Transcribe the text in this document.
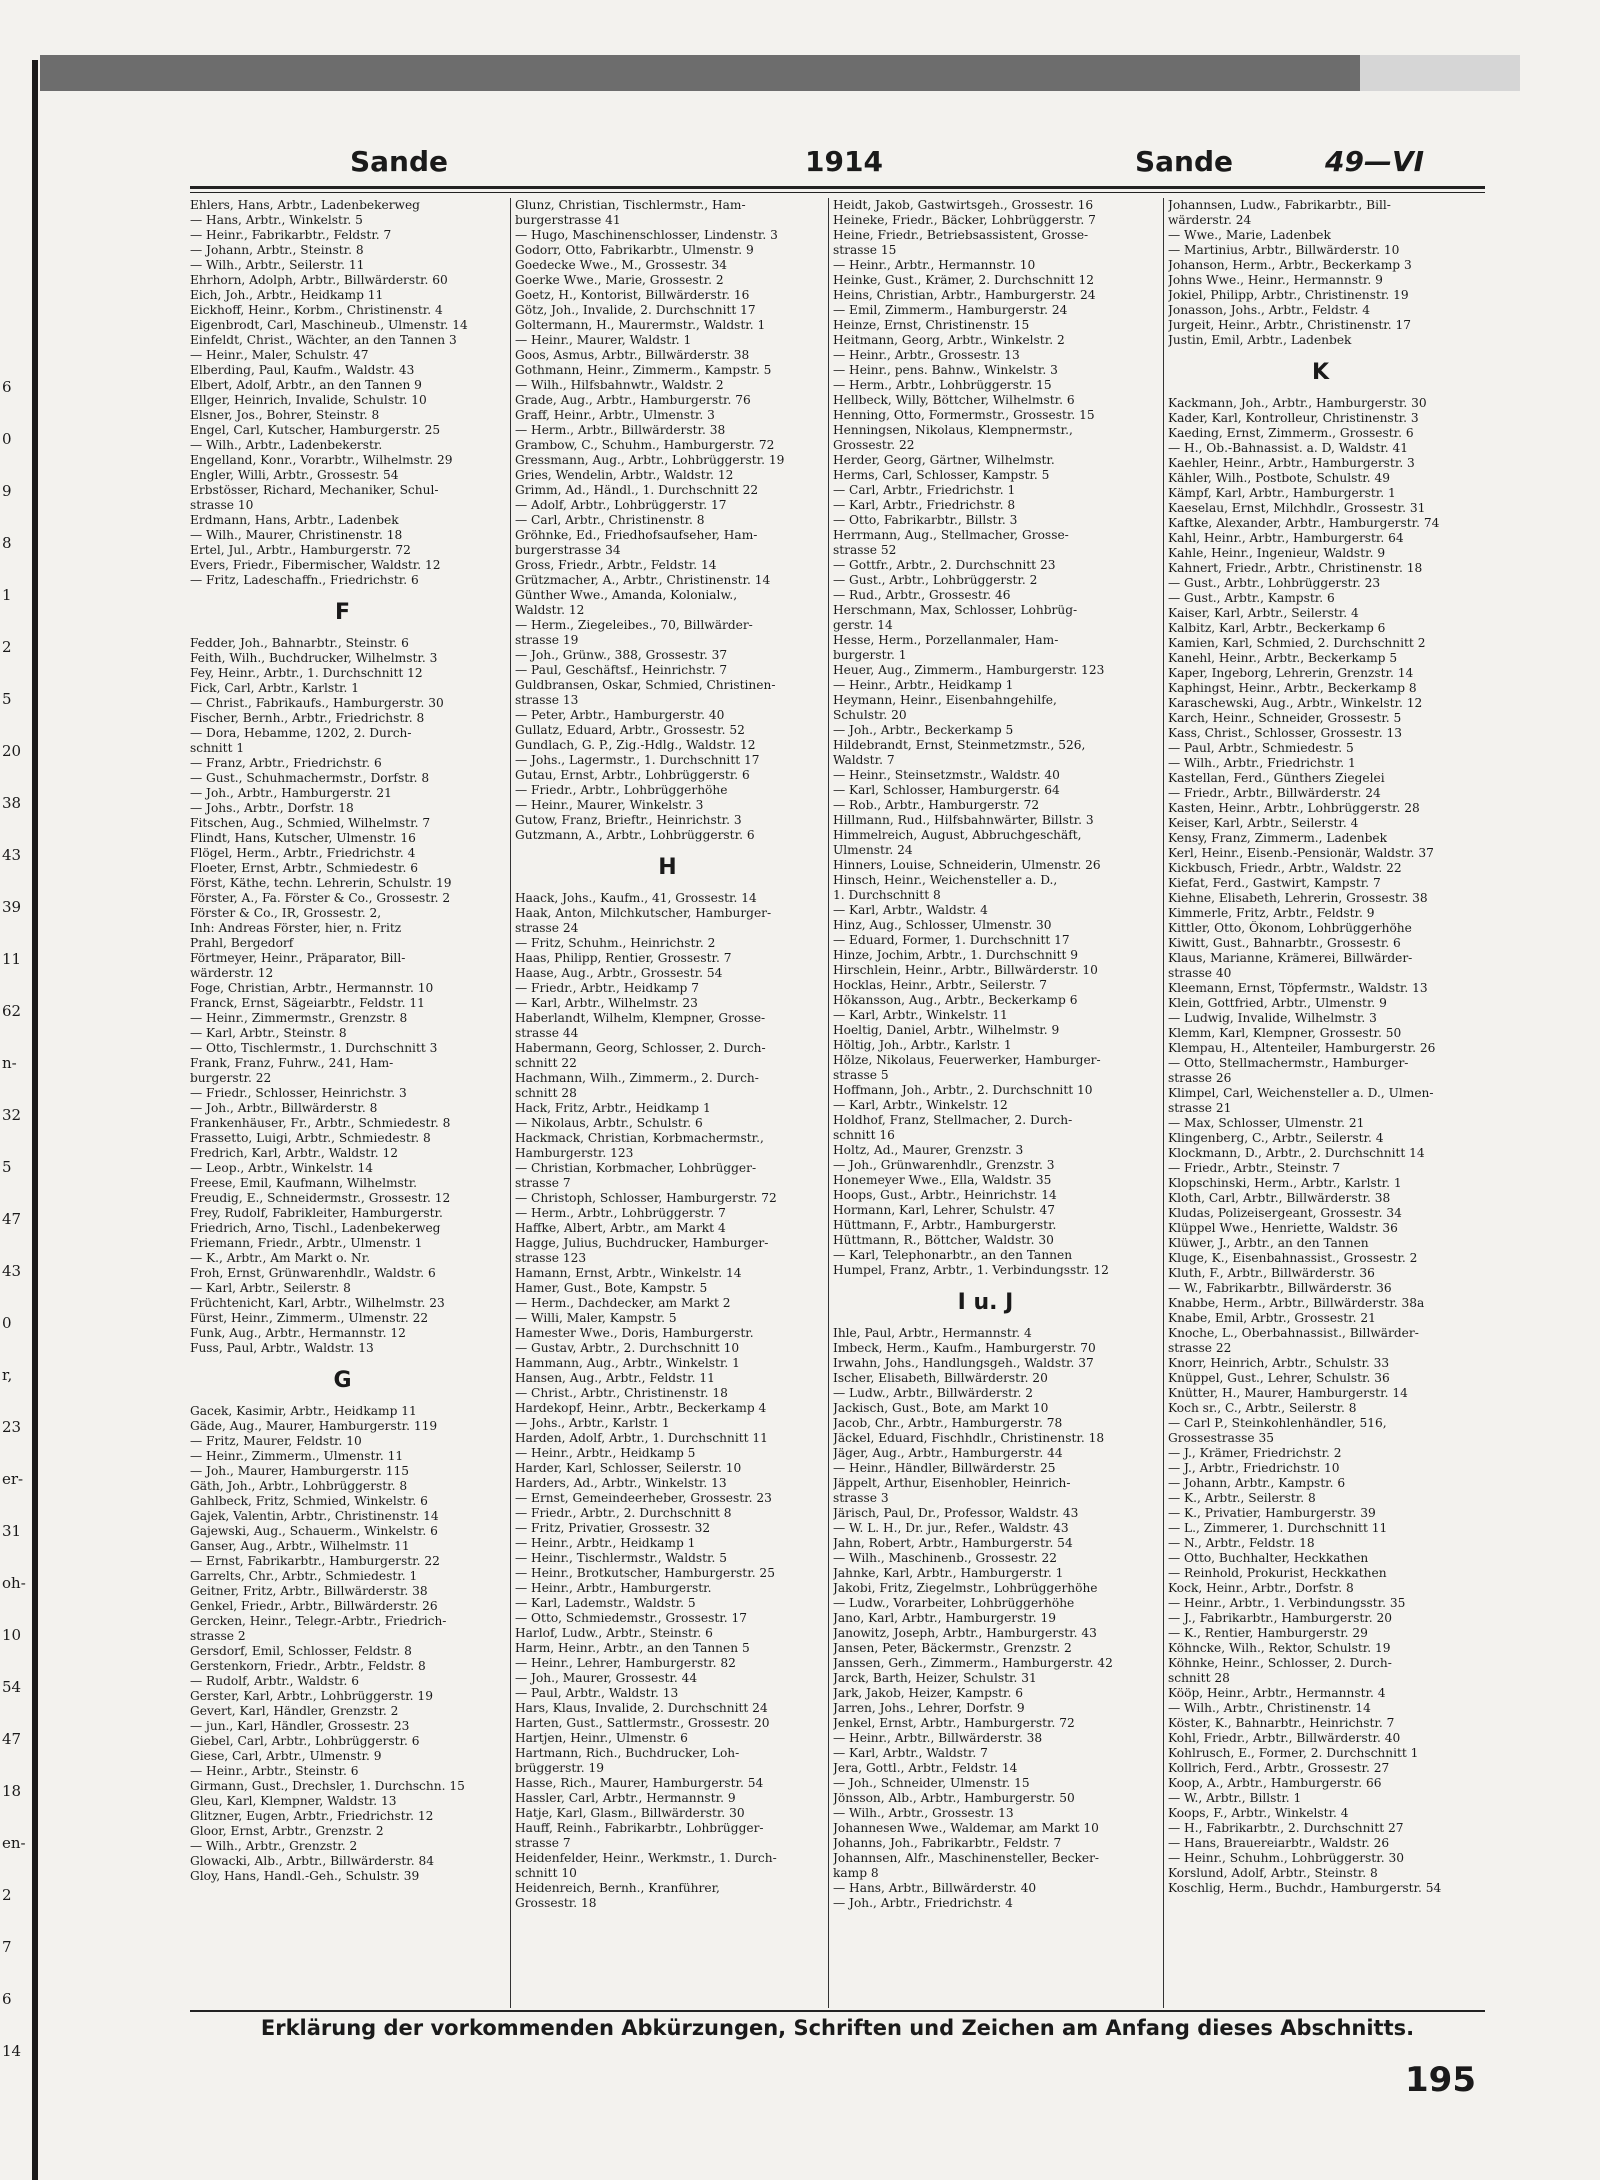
6
0
9
8
1
2
5
20
38
43
39
11
62
n-
32
5
47
43
0
r,
23
er-
31
oh-
10
54
47
18
en-
2
7
6
14
Sande	1914	Sande	49—VI
Ehlers, Hans, Arbtr., Ladenbekerweg
— Hans, Arbtr., Winkelstr. 5
— Heinr., Fabrikarbtr., Feldstr. 7
— Johann, Arbtr., Steinstr. 8
— Wilh., Arbtr., Seilerstr. 11
Ehrhorn, Adolph, Arbtr., Billwärderstr. 60
Eich, Joh., Arbtr., Heidkamp 11
Eickhoff, Heinr., Korbm., Christinenstr. 4
Eigenbrodt, Carl, Maschineub., Ulmenstr. 14
Einfeldt, Christ., Wächter, an den Tannen 3
— Heinr., Maler, Schulstr. 47
Elberding, Paul, Kaufm., Waldstr. 43
Elbert, Adolf, Arbtr., an den Tannen 9
Ellger, Heinrich, Invalide, Schulstr. 10
Elsner, Jos., Bohrer, Steinstr. 8
Engel, Carl, Kutscher, Hamburgerstr. 25
— Wilh., Arbtr., Ladenbekerstr.
Engelland, Konr., Vorarbtr., Wilhelmstr. 29
Engler, Willi, Arbtr., Grossestr. 54
Erbstösser, Richard, Mechaniker, Schul-
strasse 10
Erdmann, Hans, Arbtr., Ladenbek
— Wilh., Maurer, Christinenstr. 18
Ertel, Jul., Arbtr., Hamburgerstr. 72
Evers, Friedr., Fibermischer, Waldstr. 12
— Fritz, Ladeschaffn., Friedrichstr. 6
F
Fedder, Joh., Bahnarbtr., Steinstr. 6
Feith, Wilh., Buchdrucker, Wilhelmstr. 3
Fey, Heinr., Arbtr., 1. Durchschnitt 12
Fick, Carl, Arbtr., Karlstr. 1
— Christ., Fabrikaufs., Hamburgerstr. 30
Fischer, Bernh., Arbtr., Friedrichstr. 8
— Dora, Hebamme, 1202, 2. Durch-
schnitt 1
— Franz, Arbtr., Friedrichstr. 6
— Gust., Schuhmachermstr., Dorfstr. 8
— Joh., Arbtr., Hamburgerstr. 21
— Johs., Arbtr., Dorfstr. 18
Fitschen, Aug., Schmied, Wilhelmstr. 7
Flindt, Hans, Kutscher, Ulmenstr. 16
Flögel, Herm., Arbtr., Friedrichstr. 4
Floeter, Ernst, Arbtr., Schmiedestr. 6
Först, Käthe, techn. Lehrerin, Schulstr. 19
Förster, A., Fa. Förster & Co., Grossestr. 2
Förster & Co., IR, Grossestr. 2,
Inh: Andreas Förster, hier, n. Fritz
Prahl, Bergedorf
Förtmeyer, Heinr., Präparator, Bill-
wärderstr. 12
Foge, Christian, Arbtr., Hermannstr. 10
Franck, Ernst, Sägeiarbtr., Feldstr. 11
— Heinr., Zimmermstr., Grenzstr. 8
— Karl, Arbtr., Steinstr. 8
— Otto, Tischlermstr., 1. Durchschnitt 3
Frank, Franz, Fuhrw., 241, Ham-
burgerstr. 22
— Friedr., Schlosser, Heinrichstr. 3
— Joh., Arbtr., Billwärderstr. 8
Frankenhäuser, Fr., Arbtr., Schmiedestr. 8
Frassetto, Luigi, Arbtr., Schmiedestr. 8
Fredrich, Karl, Arbtr., Waldstr. 12
— Leop., Arbtr., Winkelstr. 14
Freese, Emil, Kaufmann, Wilhelmstr.
Freudig, E., Schneidermstr., Grossestr. 12
Frey, Rudolf, Fabrikleiter, Hamburgerstr.
Friedrich, Arno, Tischl., Ladenbekerweg
Friemann, Friedr., Arbtr., Ulmenstr. 1
— K., Arbtr., Am Markt o. Nr.
Froh, Ernst, Grünwarenhdlr., Waldstr. 6
— Karl, Arbtr., Seilerstr. 8
Früchtenicht, Karl, Arbtr., Wilhelmstr. 23
Fürst, Heinr., Zimmerm., Ulmenstr. 22
Funk, Aug., Arbtr., Hermannstr. 12
Fuss, Paul, Arbtr., Waldstr. 13
G
Gacek, Kasimir, Arbtr., Heidkamp 11
Gäde, Aug., Maurer, Hamburgerstr. 119
— Fritz, Maurer, Feldstr. 10
— Heinr., Zimmerm., Ulmenstr. 11
— Joh., Maurer, Hamburgerstr. 115
Gäth, Joh., Arbtr., Lohbrüggerstr. 8
Gahlbeck, Fritz, Schmied, Winkelstr. 6
Gajek, Valentin, Arbtr., Christinenstr. 14
Gajewski, Aug., Schauerm., Winkelstr. 6
Ganser, Aug., Arbtr., Wilhelmstr. 11
— Ernst, Fabrikarbtr., Hamburgerstr. 22
Garrelts, Chr., Arbtr., Schmiedestr. 1
Geitner, Fritz, Arbtr., Billwärderstr. 38
Genkel, Friedr., Arbtr., Billwärderstr. 26
Gercken, Heinr., Telegr.-Arbtr., Friedrich-
strasse 2
Gersdorf, Emil, Schlosser, Feldstr. 8
Gerstenkorn, Friedr., Arbtr., Feldstr. 8
— Rudolf, Arbtr., Waldstr. 6
Gerster, Karl, Arbtr., Lohbrüggerstr. 19
Gevert, Karl, Händler, Grenzstr. 2
— jun., Karl, Händler, Grossestr. 23
Giebel, Carl, Arbtr., Lohbrüggerstr. 6
Giese, Carl, Arbtr., Ulmenstr. 9
— Heinr., Arbtr., Steinstr. 6
Girmann, Gust., Drechsler, 1. Durchschn. 15
Gleu, Karl, Klempner, Waldstr. 13
Glitzner, Eugen, Arbtr., Friedrichstr. 12
Gloor, Ernst, Arbtr., Grenzstr. 2
— Wilh., Arbtr., Grenzstr. 2
Glowacki, Alb., Arbtr., Billwärderstr. 84
Gloy, Hans, Handl.-Geh., Schulstr. 39
Glunz, Christian, Tischlermstr., Ham-
burgerstrasse 41
— Hugo, Maschinenschlosser, Lindenstr. 3
Godorr, Otto, Fabrikarbtr., Ulmenstr. 9
Goedecke Wwe., M., Grossestr. 34
Goerke Wwe., Marie, Grossestr. 2
Goetz, H., Kontorist, Billwärderstr. 16
Götz, Joh., Invalide, 2. Durchschnitt 17
Goltermann, H., Maurermstr., Waldstr. 1
— Heinr., Maurer, Waldstr. 1
Goos, Asmus, Arbtr., Billwärderstr. 38
Gothmann, Heinr., Zimmerm., Kampstr. 5
— Wilh., Hilfsbahnwtr., Waldstr. 2
Grade, Aug., Arbtr., Hamburgerstr. 76
Graff, Heinr., Arbtr., Ulmenstr. 3
— Herm., Arbtr., Billwärderstr. 38
Grambow, C., Schuhm., Hamburgerstr. 72
Gressmann, Aug., Arbtr., Lohbrüggerstr. 19
Gries, Wendelin, Arbtr., Waldstr. 12
Grimm, Ad., Händl., 1. Durchschnitt 22
— Adolf, Arbtr., Lohbrüggerstr. 17
— Carl, Arbtr., Christinenstr. 8
Gröhnke, Ed., Friedhofsaufseher, Ham-
burgerstrasse 34
Gross, Friedr., Arbtr., Feldstr. 14
Grützmacher, A., Arbtr., Christinenstr. 14
Günther Wwe., Amanda, Kolonialw.,
Waldstr. 12
— Herm., Ziegeleibes., 70, Billwärder-
strasse 19
— Joh., Grünw., 388, Grossestr. 37
— Paul, Geschäftsf., Heinrichstr. 7
Guldbransen, Oskar, Schmied, Christinen-
strasse 13
— Peter, Arbtr., Hamburgerstr. 40
Gullatz, Eduard, Arbtr., Grossestr. 52
Gundlach, G. P., Zig.-Hdlg., Waldstr. 12
— Johs., Lagermstr., 1. Durchschnitt 17
Gutau, Ernst, Arbtr., Lohbrüggerstr. 6
— Friedr., Arbtr., Lohbrüggerhöhe
— Heinr., Maurer, Winkelstr. 3
Gutow, Franz, Brieftr., Heinrichstr. 3
Gutzmann, A., Arbtr., Lohbrüggerstr. 6
H
Haack, Johs., Kaufm., 41, Grossestr. 14
Haak, Anton, Milchkutscher, Hamburger-
strasse 24
— Fritz, Schuhm., Heinrichstr. 2
Haas, Philipp, Rentier, Grossestr. 7
Haase, Aug., Arbtr., Grossestr. 54
— Friedr., Arbtr., Heidkamp 7
— Karl, Arbtr., Wilhelmstr. 23
Haberlandt, Wilhelm, Klempner, Grosse-
strasse 44
Habermann, Georg, Schlosser, 2. Durch-
schnitt 22
Hachmann, Wilh., Zimmerm., 2. Durch-
schnitt 28
Hack, Fritz, Arbtr., Heidkamp 1
— Nikolaus, Arbtr., Schulstr. 6
Hackmack, Christian, Korbmachermstr.,
Hamburgerstr. 123
— Christian, Korbmacher, Lohbrügger-
strasse 7
— Christoph, Schlosser, Hamburgerstr. 72
— Herm., Arbtr., Lohbrüggerstr. 7
Haffke, Albert, Arbtr., am Markt 4
Hagge, Julius, Buchdrucker, Hamburger-
strasse 123
Hamann, Ernst, Arbtr., Winkelstr. 14
Hamer, Gust., Bote, Kampstr. 5
— Herm., Dachdecker, am Markt 2
— Willi, Maler, Kampstr. 5
Hamester Wwe., Doris, Hamburgerstr.
— Gustav, Arbtr., 2. Durchschnitt 10
Hammann, Aug., Arbtr., Winkelstr. 1
Hansen, Aug., Arbtr., Feldstr. 11
— Christ., Arbtr., Christinenstr. 18
Hardekopf, Heinr., Arbtr., Beckerkamp 4
— Johs., Arbtr., Karlstr. 1
Harden, Adolf, Arbtr., 1. Durchschnitt 11
— Heinr., Arbtr., Heidkamp 5
Harder, Karl, Schlosser, Seilerstr. 10
Harders, Ad., Arbtr., Winkelstr. 13
— Ernst, Gemeindeerheber, Grossestr. 23
— Friedr., Arbtr., 2. Durchschnitt 8
— Fritz, Privatier, Grossestr. 32
— Heinr., Arbtr., Heidkamp 1
— Heinr., Tischlermstr., Waldstr. 5
— Heinr., Brotkutscher, Hamburgerstr. 25
— Heinr., Arbtr., Hamburgerstr.
— Karl, Lademstr., Waldstr. 5
— Otto, Schmiedemstr., Grossestr. 17
Harlof, Ludw., Arbtr., Steinstr. 6
Harm, Heinr., Arbtr., an den Tannen 5
— Heinr., Lehrer, Hamburgerstr. 82
— Joh., Maurer, Grossestr. 44
— Paul, Arbtr., Waldstr. 13
Hars, Klaus, Invalide, 2. Durchschnitt 24
Harten, Gust., Sattlermstr., Grossestr. 20
Hartjen, Heinr., Ulmenstr. 6
Hartmann, Rich., Buchdrucker, Loh-
brüggerstr. 19
Hasse, Rich., Maurer, Hamburgerstr. 54
Hassler, Carl, Arbtr., Hermannstr. 9
Hatje, Karl, Glasm., Billwärderstr. 30
Hauff, Reinh., Fabrikarbtr., Lohbrügger-
strasse 7
Heidenfelder, Heinr., Werkmstr., 1. Durch-
schnitt 10
Heidenreich, Bernh., Kranführer,
Grossestr. 18
Heidt, Jakob, Gastwirtsgeh., Grossestr. 16
Heineke, Friedr., Bäcker, Lohbrüggerstr. 7
Heine, Friedr., Betriebsassistent, Grosse-
strasse 15
— Heinr., Arbtr., Hermannstr. 10
Heinke, Gust., Krämer, 2. Durchschnitt 12
Heins, Christian, Arbtr., Hamburgerstr. 24
— Emil, Zimmerm., Hamburgerstr. 24
Heinze, Ernst, Christinenstr. 15
Heitmann, Georg, Arbtr., Winkelstr. 2
— Heinr., Arbtr., Grossestr. 13
— Heinr., pens. Bahnw., Winkelstr. 3
— Herm., Arbtr., Lohbrüggerstr. 15
Hellbeck, Willy, Böttcher, Wilhelmstr. 6
Henning, Otto, Formermstr., Grossestr. 15
Henningsen, Nikolaus, Klempnermstr.,
Grossestr. 22
Herder, Georg, Gärtner, Wilhelmstr.
Herms, Carl, Schlosser, Kampstr. 5
— Carl, Arbtr., Friedrichstr. 1
— Karl, Arbtr., Friedrichstr. 8
— Otto, Fabrikarbtr., Billstr. 3
Herrmann, Aug., Stellmacher, Grosse-
strasse 52
— Gottfr., Arbtr., 2. Durchschnitt 23
— Gust., Arbtr., Lohbrüggerstr. 2
— Rud., Arbtr., Grossestr. 46
Herschmann, Max, Schlosser, Lohbrüg-
gerstr. 14
Hesse, Herm., Porzellanmaler, Ham-
burgerstr. 1
Heuer, Aug., Zimmerm., Hamburgerstr. 123
— Heinr., Arbtr., Heidkamp 1
Heymann, Heinr., Eisenbahngehilfe,
Schulstr. 20
— Joh., Arbtr., Beckerkamp 5
Hildebrandt, Ernst, Steinmetzmstr., 526,
Waldstr. 7
— Heinr., Steinsetzmstr., Waldstr. 40
— Karl, Schlosser, Hamburgerstr. 64
— Rob., Arbtr., Hamburgerstr. 72
Hillmann, Rud., Hilfsbahnwärter, Billstr. 3
Himmelreich, August, Abbruchgeschäft,
Ulmenstr. 24
Hinners, Louise, Schneiderin, Ulmenstr. 26
Hinsch, Heinr., Weichensteller a. D.,
1. Durchschnitt 8
— Karl, Arbtr., Waldstr. 4
Hinz, Aug., Schlosser, Ulmenstr. 30
— Eduard, Former, 1. Durchschnitt 17
Hinze, Jochim, Arbtr., 1. Durchschnitt 9
Hirschlein, Heinr., Arbtr., Billwärderstr. 10
Hocklas, Heinr., Arbtr., Seilerstr. 7
Hökansson, Aug., Arbtr., Beckerkamp 6
— Karl, Arbtr., Winkelstr. 11
Hoeltig, Daniel, Arbtr., Wilhelmstr. 9
Höltig, Joh., Arbtr., Karlstr. 1
Hölze, Nikolaus, Feuerwerker, Hamburger-
strasse 5
Hoffmann, Joh., Arbtr., 2. Durchschnitt 10
— Karl, Arbtr., Winkelstr. 12
Holdhof, Franz, Stellmacher, 2. Durch-
schnitt 16
Holtz, Ad., Maurer, Grenzstr. 3
— Joh., Grünwarenhdlr., Grenzstr. 3
Honemeyer Wwe., Ella, Waldstr. 35
Hoops, Gust., Arbtr., Heinrichstr. 14
Hormann, Karl, Lehrer, Schulstr. 47
Hüttmann, F., Arbtr., Hamburgerstr.
Hüttmann, R., Böttcher, Waldstr. 30
— Karl, Telephonarbtr., an den Tannen
Humpel, Franz, Arbtr., 1. Verbindungsstr. 12
I u. J
Ihle, Paul, Arbtr., Hermannstr. 4
Imbeck, Herm., Kaufm., Hamburgerstr. 70
Irwahn, Johs., Handlungsgeh., Waldstr. 37
Ischer, Elisabeth, Billwärderstr. 20
— Ludw., Arbtr., Billwärderstr. 2
Jackisch, Gust., Bote, am Markt 10
Jacob, Chr., Arbtr., Hamburgerstr. 78
Jäckel, Eduard, Fischhdlr., Christinenstr. 18
Jäger, Aug., Arbtr., Hamburgerstr. 44
— Heinr., Händler, Billwärderstr. 25
Jäppelt, Arthur, Eisenhobler, Heinrich-
strasse 3
Järisch, Paul, Dr., Professor, Waldstr. 43
— W. L. H., Dr. jur., Refer., Waldstr. 43
Jahn, Robert, Arbtr., Hamburgerstr. 54
— Wilh., Maschinenb., Grossestr. 22
Jahnke, Karl, Arbtr., Hamburgerstr. 1
Jakobi, Fritz, Ziegelmstr., Lohbrüggerhöhe
— Ludw., Vorarbeiter, Lohbrüggerhöhe
Jano, Karl, Arbtr., Hamburgerstr. 19
Janowitz, Joseph, Arbtr., Hamburgerstr. 43
Jansen, Peter, Bäckermstr., Grenzstr. 2
Janssen, Gerh., Zimmerm., Hamburgerstr. 42
Jarck, Barth, Heizer, Schulstr. 31
Jark, Jakob, Heizer, Kampstr. 6
Jarren, Johs., Lehrer, Dorfstr. 9
Jenkel, Ernst, Arbtr., Hamburgerstr. 72
— Heinr., Arbtr., Billwärderstr. 38
— Karl, Arbtr., Waldstr. 7
Jera, Gottl., Arbtr., Feldstr. 14
— Joh., Schneider, Ulmenstr. 15
Jönsson, Alb., Arbtr., Hamburgerstr. 50
— Wilh., Arbtr., Grossestr. 13
Johannesen Wwe., Waldemar, am Markt 10
Johanns, Joh., Fabrikarbtr., Feldstr. 7
Johannsen, Alfr., Maschinensteller, Becker-
kamp 8
— Hans, Arbtr., Billwärderstr. 40
— Joh., Arbtr., Friedrichstr. 4
Johannsen, Ludw., Fabrikarbtr., Bill-
wärderstr. 24
— Wwe., Marie, Ladenbek
— Martinius, Arbtr., Billwärderstr. 10
Johanson, Herm., Arbtr., Beckerkamp 3
Johns Wwe., Heinr., Hermannstr. 9
Jokiel, Philipp, Arbtr., Christinenstr. 19
Jonasson, Johs., Arbtr., Feldstr. 4
Jurgeit, Heinr., Arbtr., Christinenstr. 17
Justin, Emil, Arbtr., Ladenbek
K
Kackmann, Joh., Arbtr., Hamburgerstr. 30
Kader, Karl, Kontrolleur, Christinenstr. 3
Kaeding, Ernst, Zimmerm., Grossestr. 6
— H., Ob.-Bahnassist. a. D, Waldstr. 41
Kaehler, Heinr., Arbtr., Hamburgerstr. 3
Kähler, Wilh., Postbote, Schulstr. 49
Kämpf, Karl, Arbtr., Hamburgerstr. 1
Kaeselau, Ernst, Milchhdlr., Grossestr. 31
Kaftke, Alexander, Arbtr., Hamburgerstr. 74
Kahl, Heinr., Arbtr., Hamburgerstr. 64
Kahle, Heinr., Ingenieur, Waldstr. 9
Kahnert, Friedr., Arbtr., Christinenstr. 18
— Gust., Arbtr., Lohbrüggerstr. 23
— Gust., Arbtr., Kampstr. 6
Kaiser, Karl, Arbtr., Seilerstr. 4
Kalbitz, Karl, Arbtr., Beckerkamp 6
Kamien, Karl, Schmied, 2. Durchschnitt 2
Kanehl, Heinr., Arbtr., Beckerkamp 5
Kaper, Ingeborg, Lehrerin, Grenzstr. 14
Kaphingst, Heinr., Arbtr., Beckerkamp 8
Karaschewski, Aug., Arbtr., Winkelstr. 12
Karch, Heinr., Schneider, Grossestr. 5
Kass, Christ., Schlosser, Grossestr. 13
— Paul, Arbtr., Schmiedestr. 5
— Wilh., Arbtr., Friedrichstr. 1
Kastellan, Ferd., Günthers Ziegelei
— Friedr., Arbtr., Billwärderstr. 24
Kasten, Heinr., Arbtr., Lohbrüggerstr. 28
Keiser, Karl, Arbtr., Seilerstr. 4
Kensy, Franz, Zimmerm., Ladenbek
Kerl, Heinr., Eisenb.-Pensionär, Waldstr. 37
Kickbusch, Friedr., Arbtr., Waldstr. 22
Kiefat, Ferd., Gastwirt, Kampstr. 7
Kiehne, Elisabeth, Lehrerin, Grossestr. 38
Kimmerle, Fritz, Arbtr., Feldstr. 9
Kittler, Otto, Ökonom, Lohbrüggerhöhe
Kiwitt, Gust., Bahnarbtr., Grossestr. 6
Klaus, Marianne, Krämerei, Billwärder-
strasse 40
Kleemann, Ernst, Töpfermstr., Waldstr. 13
Klein, Gottfried, Arbtr., Ulmenstr. 9
— Ludwig, Invalide, Wilhelmstr. 3
Klemm, Karl, Klempner, Grossestr. 50
Klempau, H., Altenteiler, Hamburgerstr. 26
— Otto, Stellmachermstr., Hamburger-
strasse 26
Klimpel, Carl, Weichensteller a. D., Ulmen-
strasse 21
— Max, Schlosser, Ulmenstr. 21
Klingenberg, C., Arbtr., Seilerstr. 4
Klockmann, D., Arbtr., 2. Durchschnitt 14
— Friedr., Arbtr., Steinstr. 7
Klopschinski, Herm., Arbtr., Karlstr. 1
Kloth, Carl, Arbtr., Billwärderstr. 38
Kludas, Polizeisergeant, Grossestr. 34
Klüppel Wwe., Henriette, Waldstr. 36
Klüwer, J., Arbtr., an den Tannen
Kluge, K., Eisenbahnassist., Grossestr. 2
Kluth, F., Arbtr., Billwärderstr. 36
— W., Fabrikarbtr., Billwärderstr. 36
Knabbe, Herm., Arbtr., Billwärderstr. 38a
Knabe, Emil, Arbtr., Grossestr. 21
Knoche, L., Oberbahnassist., Billwärder-
strasse 22
Knorr, Heinrich, Arbtr., Schulstr. 33
Knüppel, Gust., Lehrer, Schulstr. 36
Knütter, H., Maurer, Hamburgerstr. 14
Koch sr., C., Arbtr., Seilerstr. 8
— Carl P., Steinkohlenhändler, 516,
Grossestrasse 35
— J., Krämer, Friedrichstr. 2
— J., Arbtr., Friedrichstr. 10
— Johann, Arbtr., Kampstr. 6
— K., Arbtr., Seilerstr. 8
— K., Privatier, Hamburgerstr. 39
— L., Zimmerer, 1. Durchschnitt 11
— N., Arbtr., Feldstr. 18
— Otto, Buchhalter, Heckkathen
— Reinhold, Prokurist, Heckkathen
Kock, Heinr., Arbtr., Dorfstr. 8
— Heinr., Arbtr., 1. Verbindungsstr. 35
— J., Fabrikarbtr., Hamburgerstr. 20
— K., Rentier, Hamburgerstr. 29
Köhncke, Wilh., Rektor, Schulstr. 19
Köhnke, Heinr., Schlosser, 2. Durch-
schnitt 28
Kööp, Heinr., Arbtr., Hermannstr. 4
— Wilh., Arbtr., Christinenstr. 14
Köster, K., Bahnarbtr., Heinrichstr. 7
Kohl, Friedr., Arbtr., Billwärderstr. 40
Kohlrusch, E., Former, 2. Durchschnitt 1
Kollrich, Ferd., Arbtr., Grossestr. 27
Koop, A., Arbtr., Hamburgerstr. 66
— W., Arbtr., Billstr. 1
Koops, F., Arbtr., Winkelstr. 4
— H., Fabrikarbtr., 2. Durchschnitt 27
— Hans, Brauereiarbtr., Waldstr. 26
— Heinr., Schuhm., Lohbrüggerstr. 30
Korslund, Adolf, Arbtr., Steinstr. 8
Koschlig, Herm., Buchdr., Hamburgerstr. 54
Erklärung der vorkommenden Abkürzungen, Schriften und Zeichen am Anfang dieses Abschnitts.
195
